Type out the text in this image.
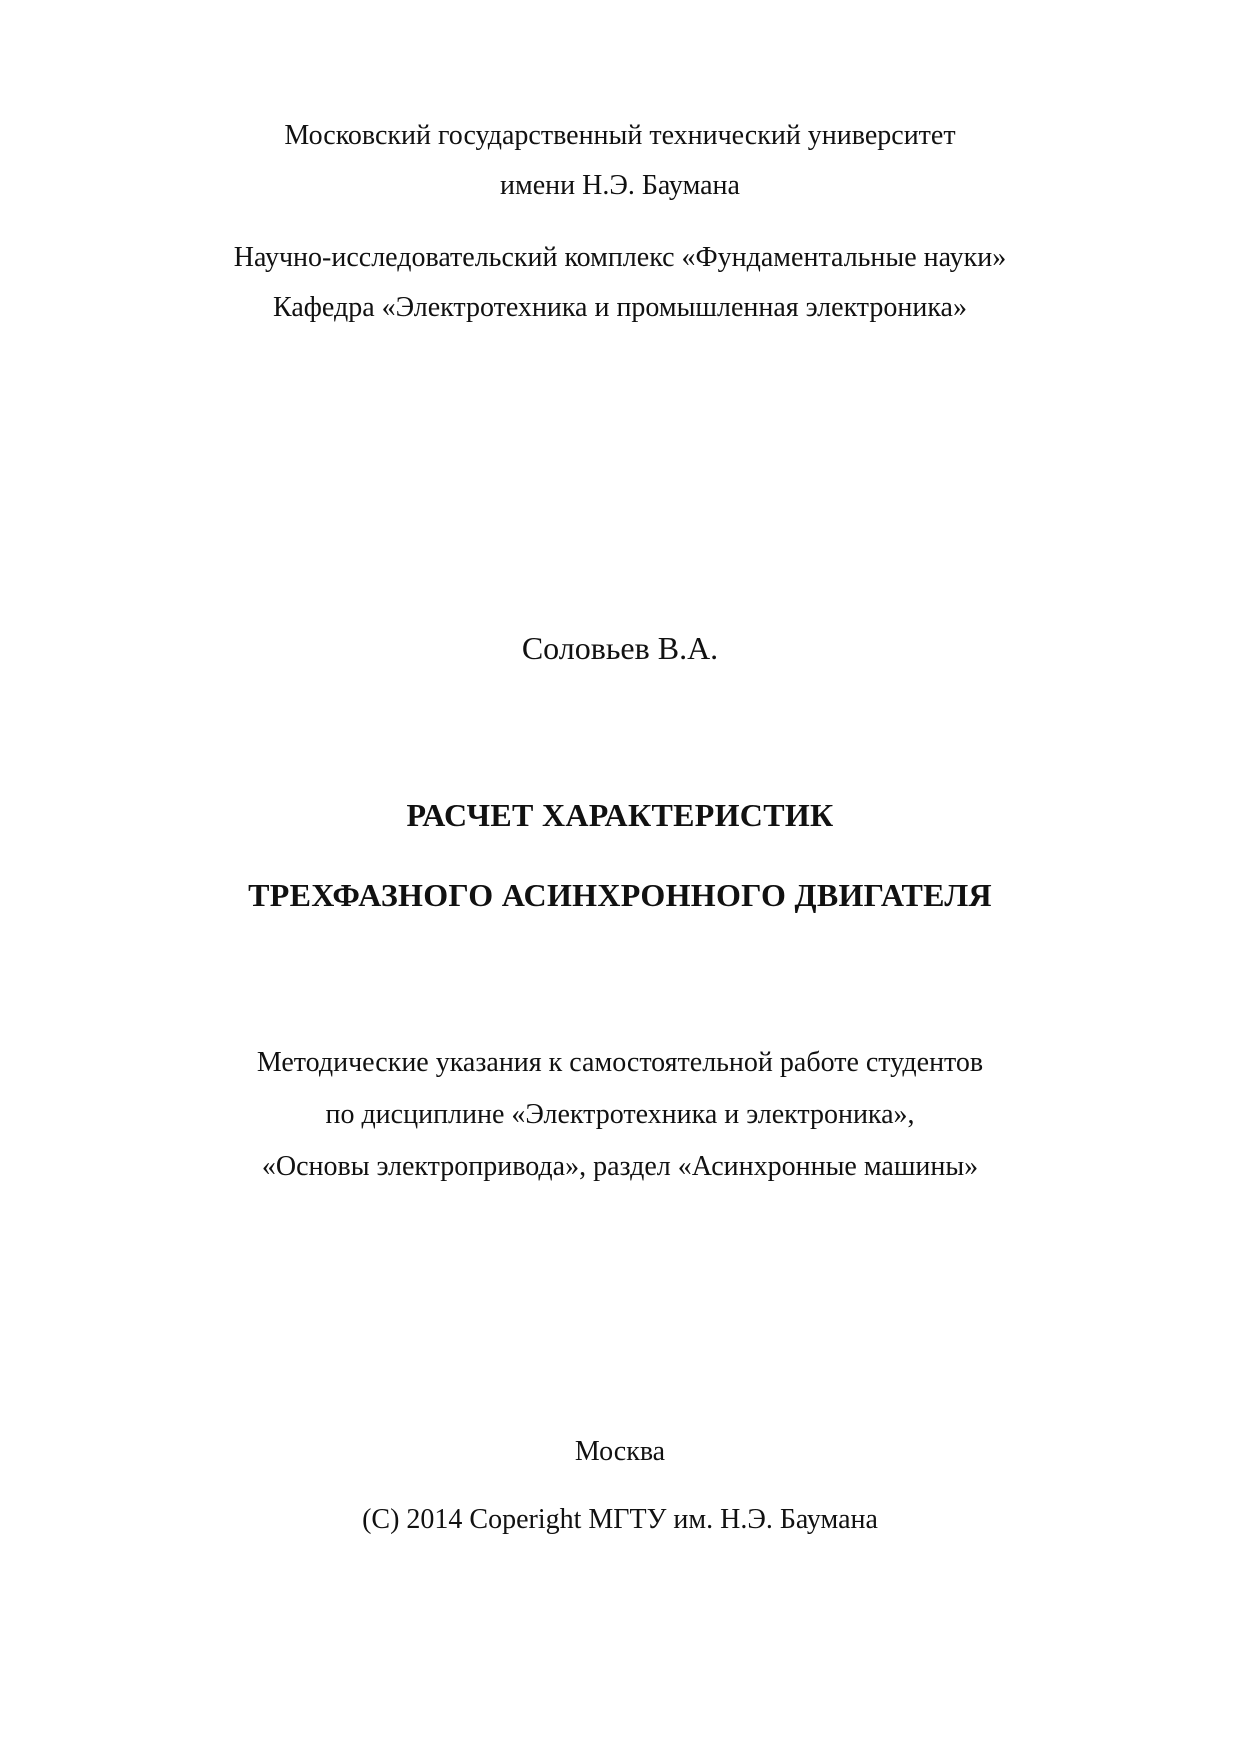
Московский государственный технический университет
имени Н.Э. Баумана
Научно-исследовательский комплекс «Фундаментальные науки»
Кафедра «Электротехника и промышленная электроника»
Соловьев В.А.
РАСЧЕТ ХАРАКТЕРИСТИК
ТРЕХФАЗНОГО АСИНХРОННОГО ДВИГАТЕЛЯ
Методические указания к самостоятельной работе студентов
по дисциплине «Электротехника и электроника»,
«Основы электропривода», раздел «Асинхронные машины»
Москва
(C) 2014 Coperight МГТУ им. Н.Э. Баумана
